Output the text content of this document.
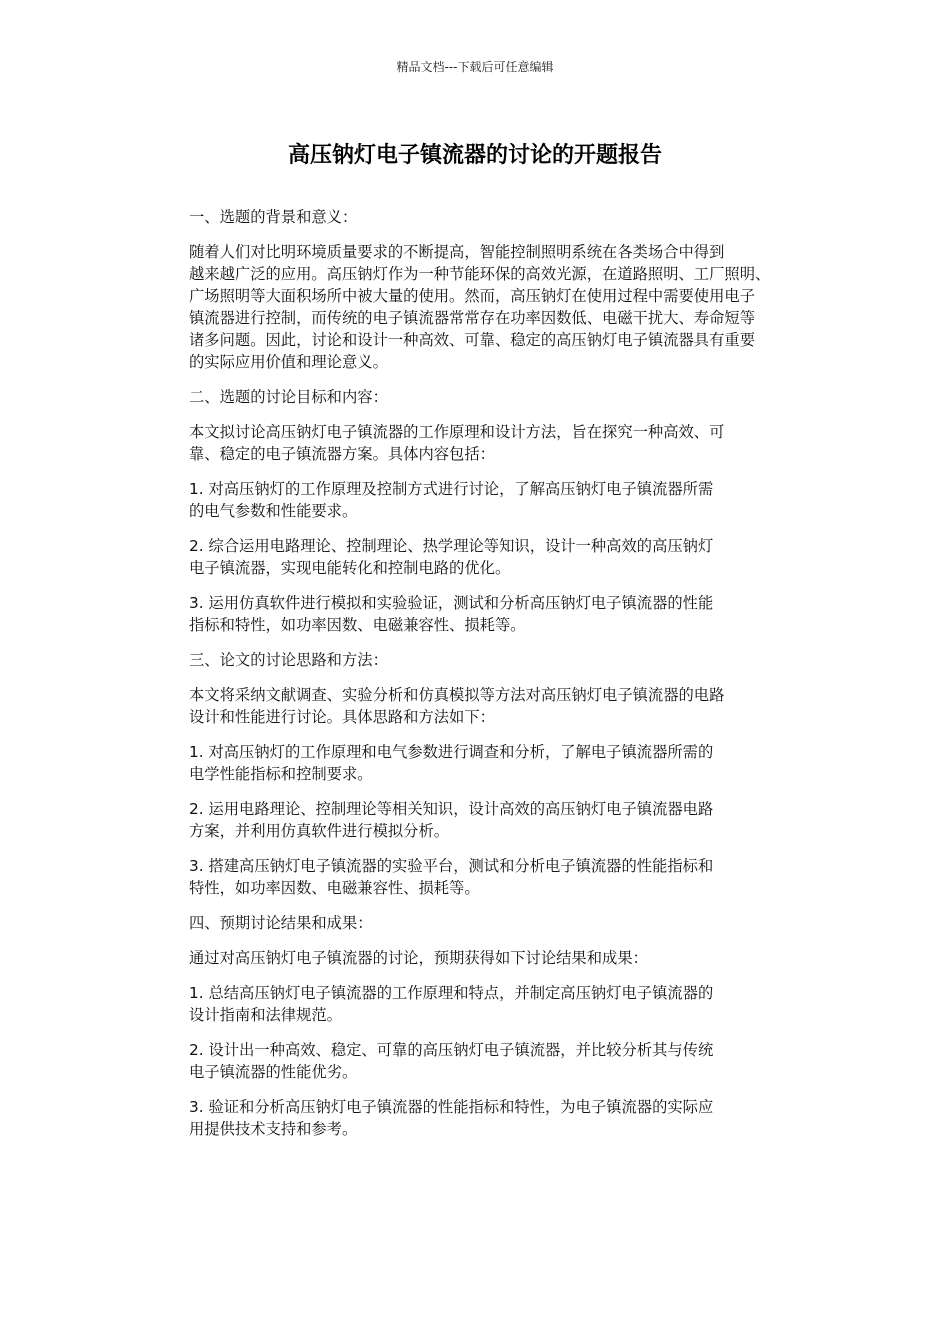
精品文档---下载后可任意编辑
高压钠灯电子镇流器的讨论的开题报告

一、选题的背景和意义：

随着人们对比明环境质量要求的不断提高，智能控制照明系统在各类场合中得到
越来越广泛的应用。高压钠灯作为一种节能环保的高效光源，在道路照明、工厂照明、
广场照明等大面积场所中被大量的使用。然而，高压钠灯在使用过程中需要使用电子
镇流器进行控制，而传统的电子镇流器常常存在功率因数低、电磁干扰大、寿命短等
诸多问题。因此，讨论和设计一种高效、可靠、稳定的高压钠灯电子镇流器具有重要
的实际应用价值和理论意义。

二、选题的讨论目标和内容：

本文拟讨论高压钠灯电子镇流器的工作原理和设计方法，旨在探究一种高效、可
靠、稳定的电子镇流器方案。具体内容包括：

1. 对高压钠灯的工作原理及控制方式进行讨论，了解高压钠灯电子镇流器所需
的电气参数和性能要求。

2. 综合运用电路理论、控制理论、热学理论等知识，设计一种高效的高压钠灯
电子镇流器，实现电能转化和控制电路的优化。

3. 运用仿真软件进行模拟和实验验证，测试和分析高压钠灯电子镇流器的性能
指标和特性，如功率因数、电磁兼容性、损耗等。

三、论文的讨论思路和方法：

本文将采纳文献调查、实验分析和仿真模拟等方法对高压钠灯电子镇流器的电路
设计和性能进行讨论。具体思路和方法如下：

1. 对高压钠灯的工作原理和电气参数进行调查和分析，了解电子镇流器所需的
电学性能指标和控制要求。

2. 运用电路理论、控制理论等相关知识，设计高效的高压钠灯电子镇流器电路
方案，并利用仿真软件进行模拟分析。

3. 搭建高压钠灯电子镇流器的实验平台，测试和分析电子镇流器的性能指标和
特性，如功率因数、电磁兼容性、损耗等。

四、预期讨论结果和成果：

通过对高压钠灯电子镇流器的讨论，预期获得如下讨论结果和成果：

1. 总结高压钠灯电子镇流器的工作原理和特点，并制定高压钠灯电子镇流器的
设计指南和法律规范。

2. 设计出一种高效、稳定、可靠的高压钠灯电子镇流器，并比较分析其与传统
电子镇流器的性能优劣。

3. 验证和分析高压钠灯电子镇流器的性能指标和特性，为电子镇流器的实际应
用提供技术支持和参考。
